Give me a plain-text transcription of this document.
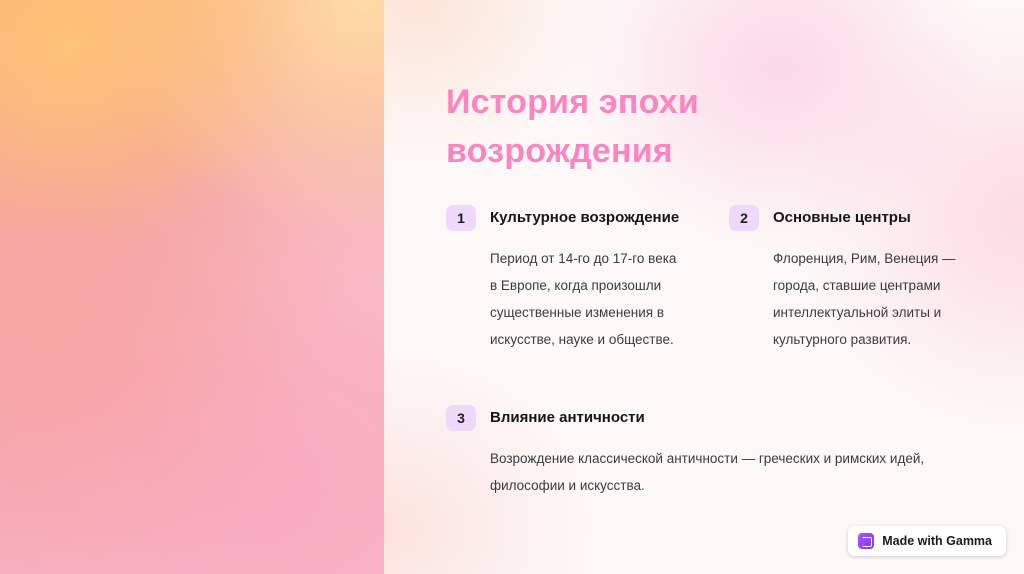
История эпохи возрождения
1	Культурное возрождение
Период от 14-го до 17-го века в Европе, когда произошли существенные изменения в искусстве, науке и обществе.
2	Основные центры
Флоренция, Рим, Венеция — города, ставшие центрами интеллектуальной элиты и культурного развития.
3	Влияние античности
Возрождение классической античности — греческих и римских идей, философии и искусства.
Made with Gamma
